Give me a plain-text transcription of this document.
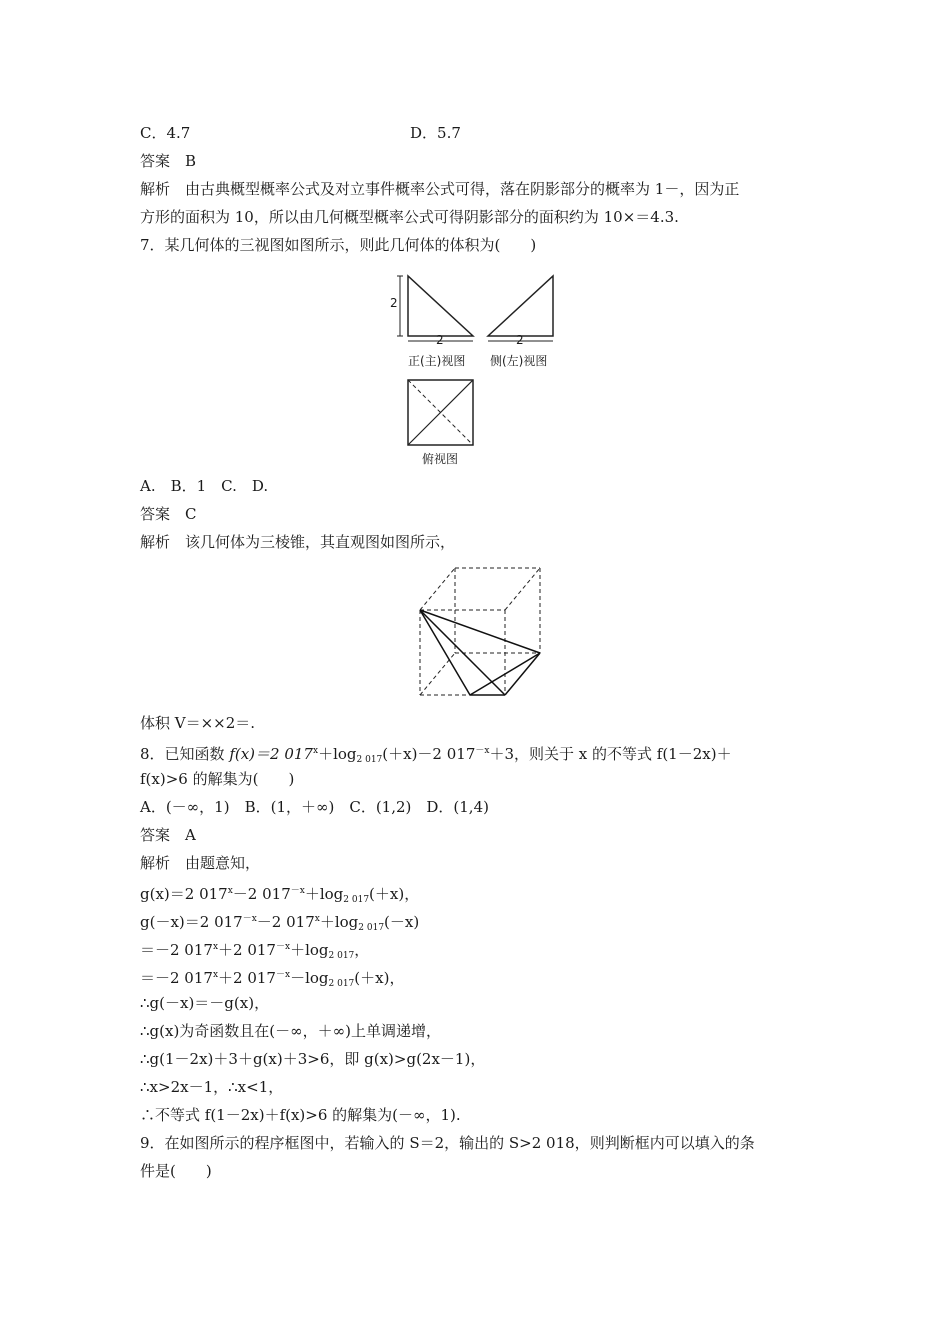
C．4.7	D．5.7
答案　B
解析　由古典概型概率公式及对立事件概率公式可得，落在阴影部分的概率为 1－，因为正
方形的面积为 10，所以由几何概型概率公式可得阴影部分的面积约为 10×＝4.3.
7．某几何体的三视图如图所示，则此几何体的体积为(　　)
2
2	2
正(主)视图 侧(左)视图
俯视图
A.　B．1　C.　D.
答案　C
解析　该几何体为三棱锥，其直观图如图所示，
体积 V＝××2＝.
8．已知函数 f(x)＝2 $017^x+\log_{2 017}(+x)-2$ $017^{-x}+3$，则关于 x 的不等式 f(1－2x)＋
f(x)>6 的解集为(　　)
A．(－∞，1)　B．(1，＋∞)　C．(1,2)　D．(1,4)
答案　A
解析　由题意知，
g(x)＝2 $017^x-2$ $017^{-x}+\log_{2 017}(+x)$，
g(－x)＝2 $017^{-x}-2$ $017^x+\log_{2 017}(-x)$
＝－2 $017^x+2$ $017^{-x}+\log_{2 017}$，
＝－2 $017^x+2$ $017^{-x}-\log_{2 017}(+x)$，
∴g(－x)＝－g(x)，
∴g(x)为奇函数且在(－∞，＋∞)上单调递增，
∴g(1－2x)＋3＋g(x)＋3>6，即 g(x)>g(2x－1)，
∴x>2x－1，∴x<1，
∴不等式 f(1－2x)＋f(x)>6 的解集为(－∞，1).
9．在如图所示的程序框图中，若输入的 S＝2，输出的 S>2 018，则判断框内可以填入的条
件是(　　)
